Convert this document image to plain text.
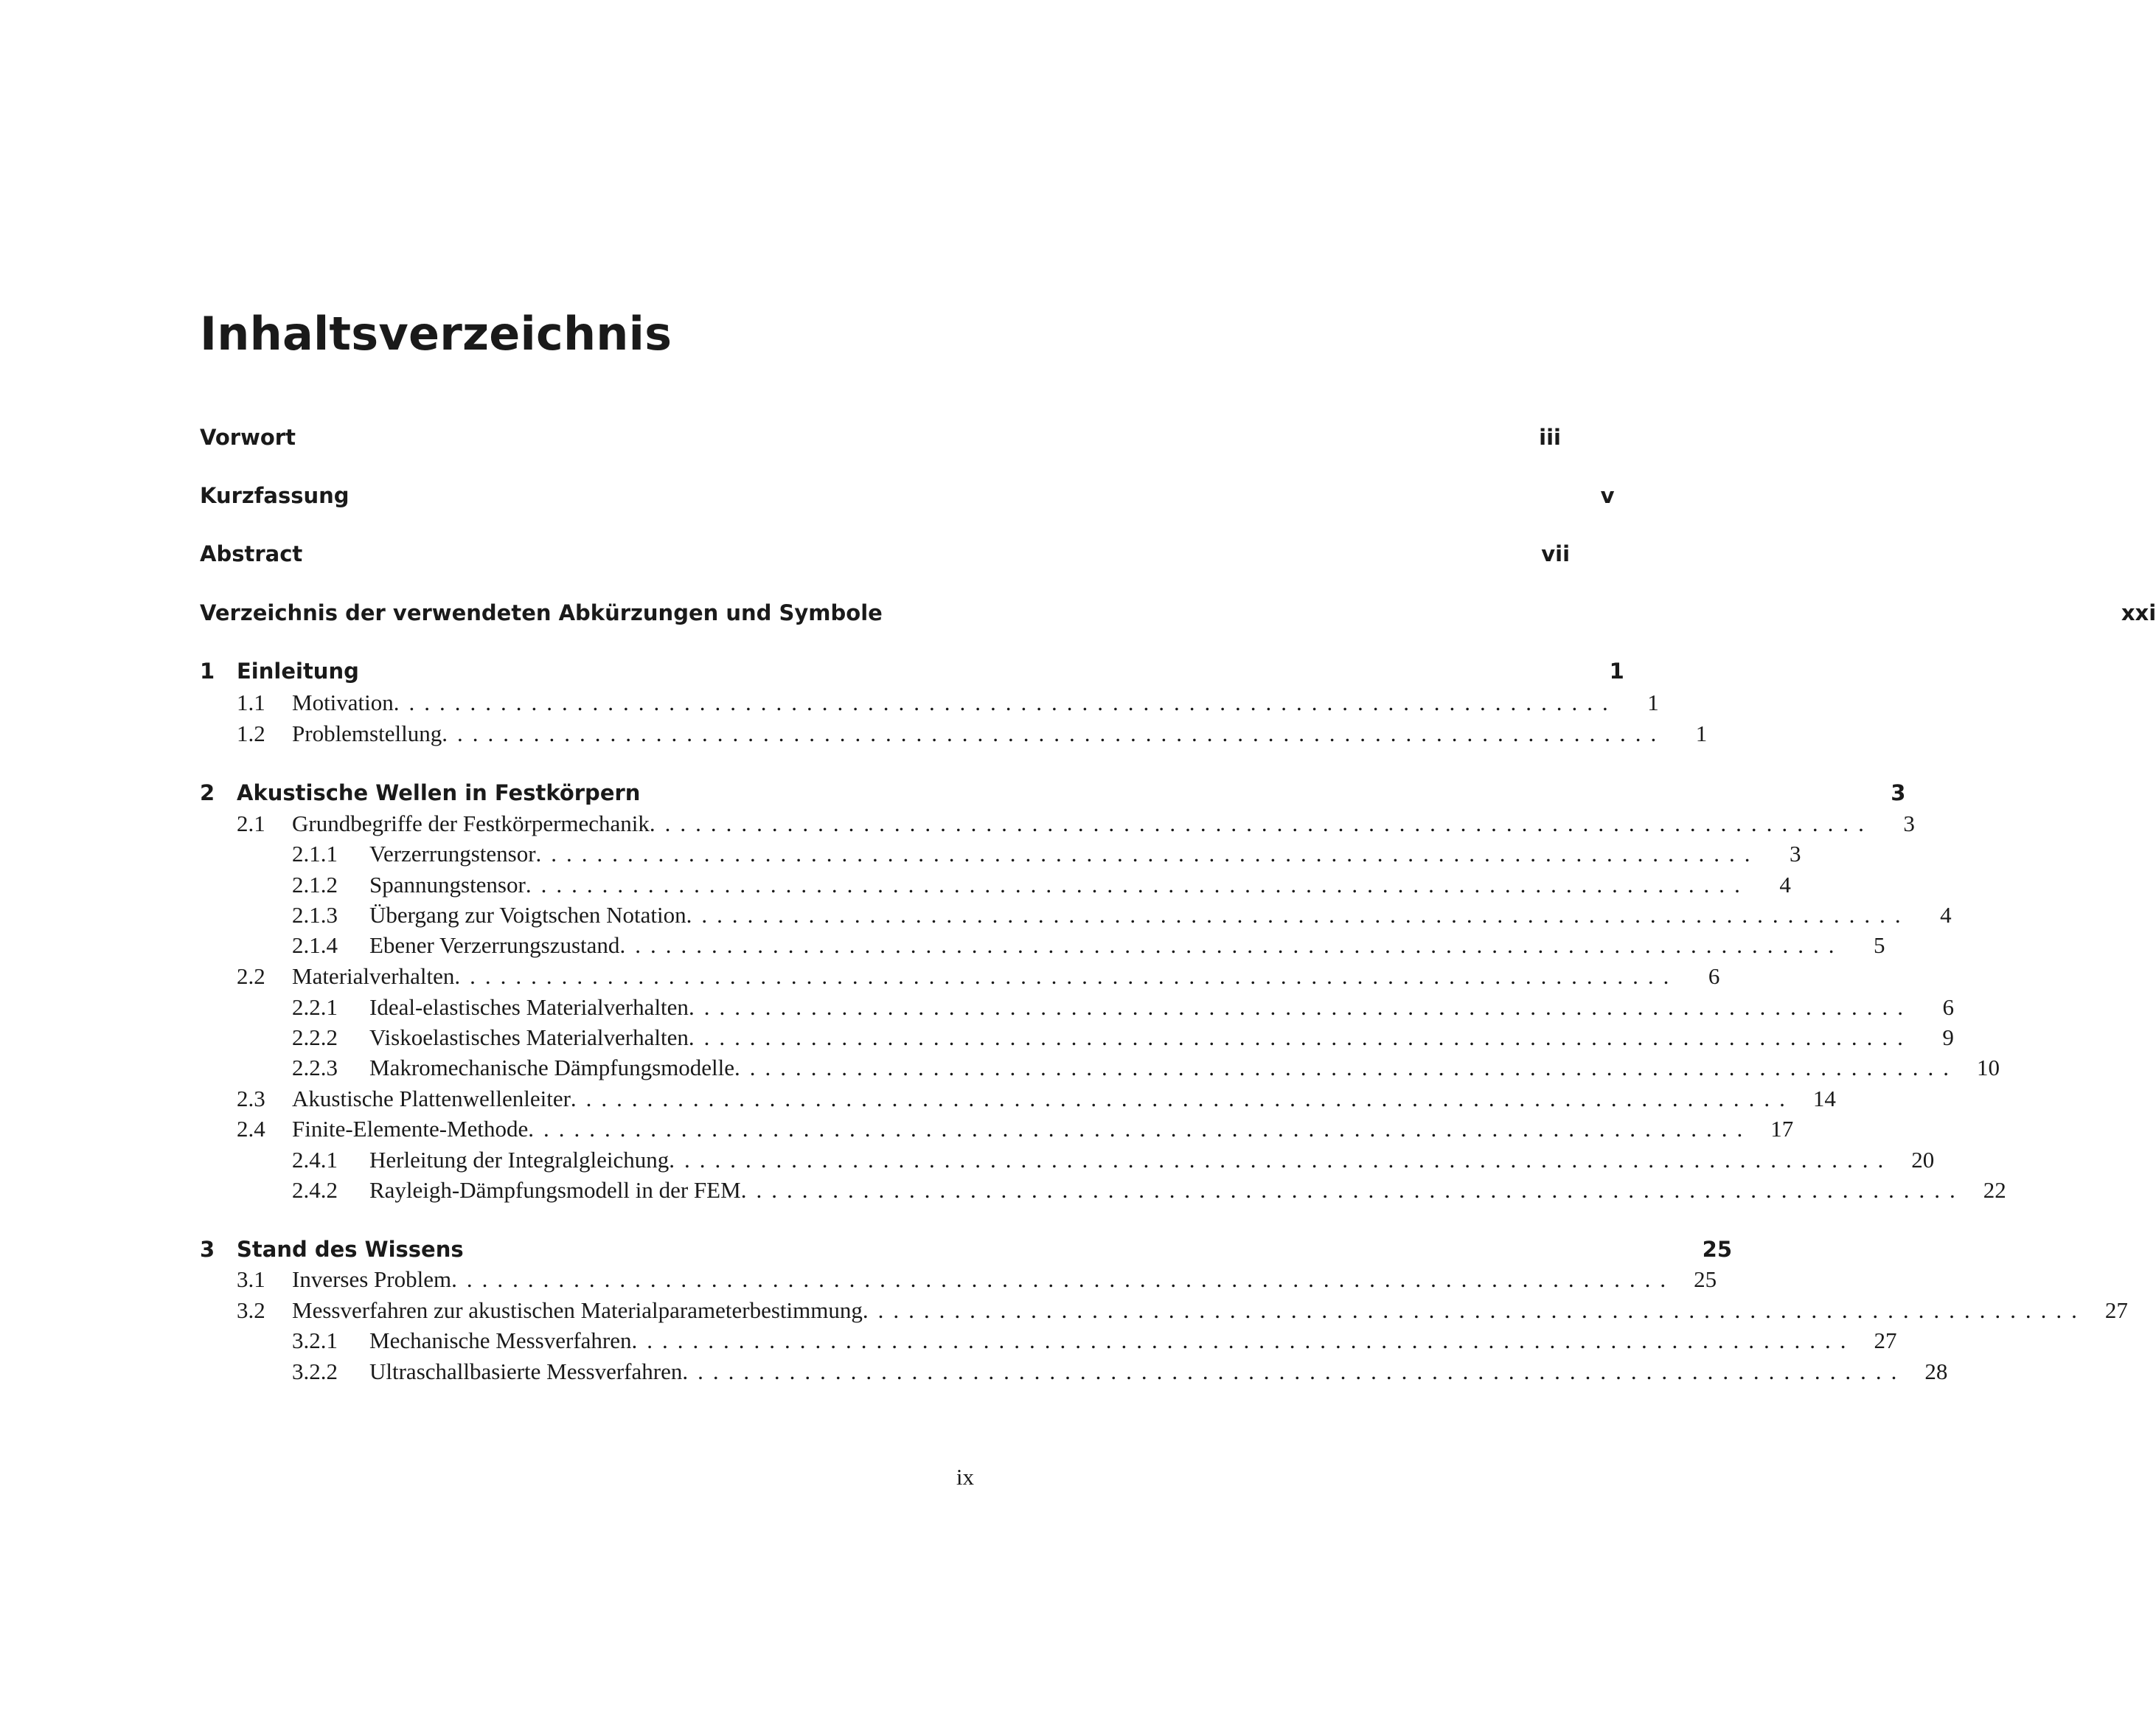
Inhaltsverzeichnis
Vorwort	iii
Kurzfassung	v
Abstract	vii
Verzeichnis der verwendeten Abkürzungen und Symbole	xxi
1	Einleitung	1
1.1	Motivation ................................................................................	1
1.2	Problemstellung ................................................................................	1
2	Akustische Wellen in Festkörpern	3
2.1	Grundbegriffe der Festkörpermechanik ................................................................................	3
2.1.1	Verzerrungstensor ................................................................................	3
2.1.2	Spannungstensor ................................................................................	4
2.1.3	Übergang zur Voigtschen Notation ................................................................................	4
2.1.4	Ebener Verzerrungszustand ................................................................................	5
2.2	Materialverhalten ................................................................................	6
2.2.1	Ideal-elastisches Materialverhalten ................................................................................	6
2.2.2	Viskoelastisches Materialverhalten ................................................................................	9
2.2.3	Makromechanische Dämpfungsmodelle ................................................................................ 10
2.3	Akustische Plattenwellenleiter ................................................................................ 14
2.4	Finite-Elemente-Methode ................................................................................ 17
2.4.1	Herleitung der Integralgleichung ................................................................................ 20
2.4.2	Rayleigh-Dämpfungsmodell in der FEM ................................................................................ 22
3	Stand des Wissens	25
3.1	Inverses Problem ................................................................................ 25
3.2	Messverfahren zur akustischen Materialparameterbestimmung ................................................................................ 27
3.2.1	Mechanische Messverfahren ................................................................................ 27
3.2.2	Ultraschallbasierte Messverfahren ................................................................................ 28
ix
